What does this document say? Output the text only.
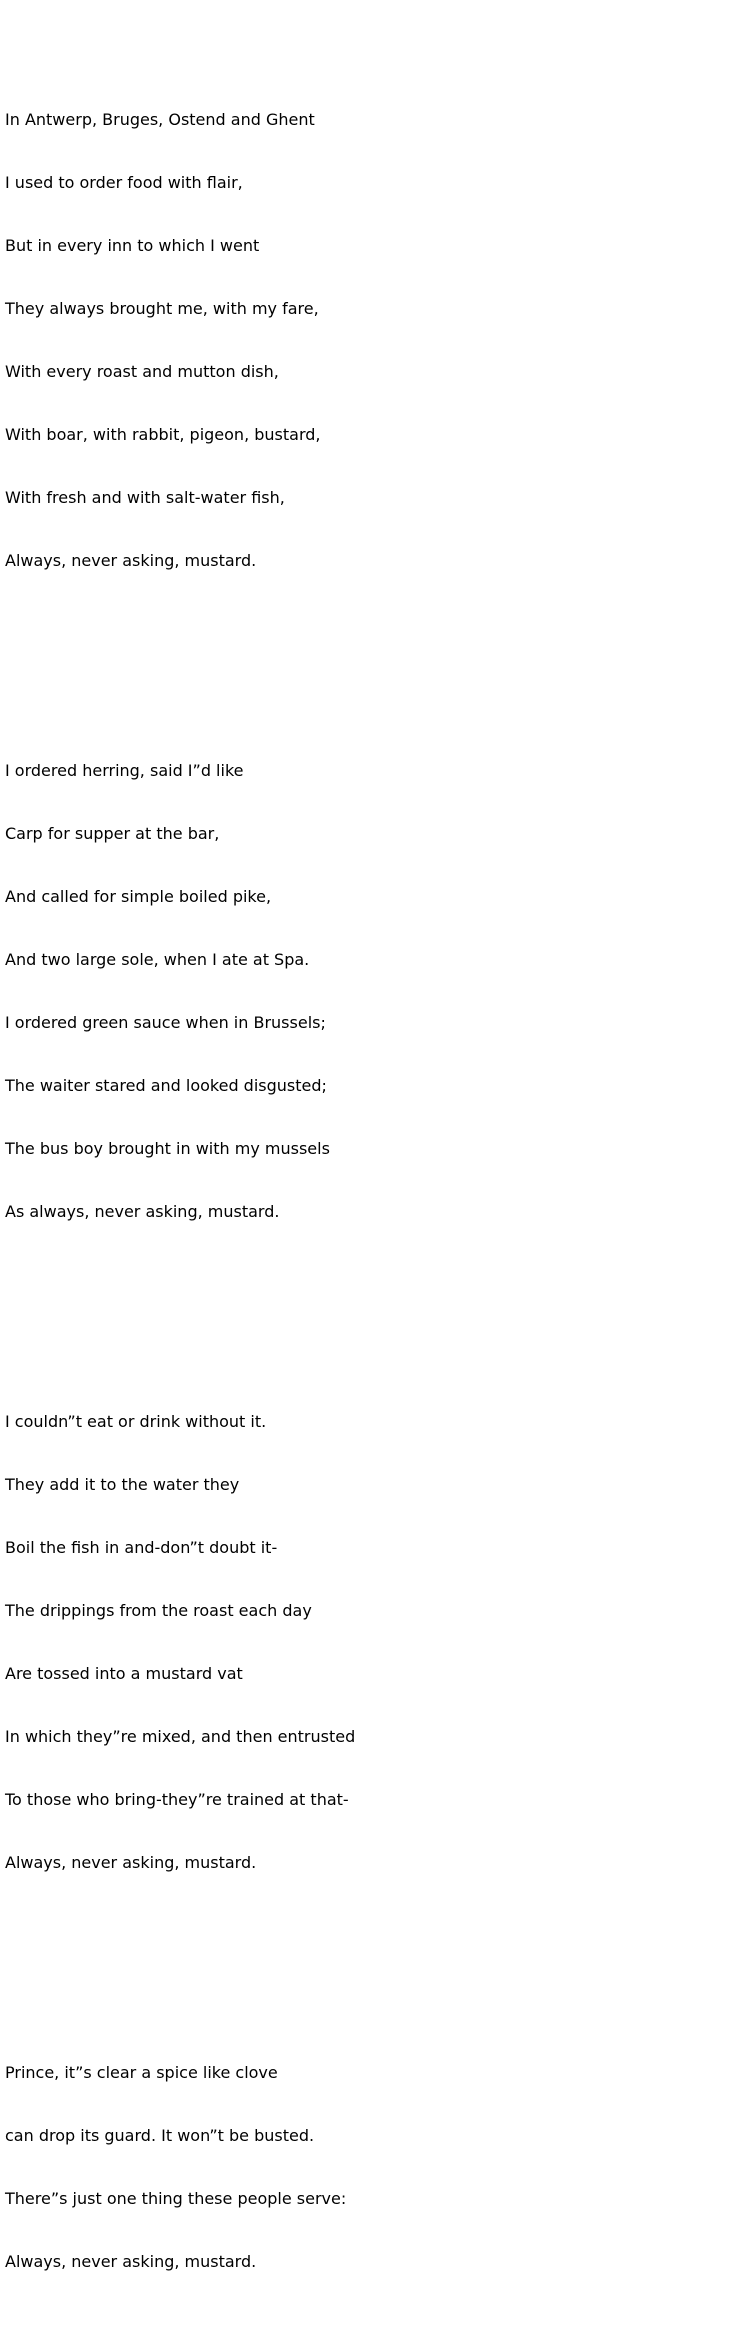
In Antwerp, Bruges, Ostend and Ghent

I used to order food with flair,

But in every inn to which I went

They always brought me, with my fare,

With every roast and mutton dish,

With boar, with rabbit, pigeon, bustard,

With fresh and with salt-water fish,

Always, never asking, mustard.

I ordered herring, said I”d like

Carp for supper at the bar,

And called for simple boiled pike,

And two large sole, when I ate at Spa.

I ordered green sauce when in Brussels;

The waiter stared and looked disgusted;

The bus boy brought in with my mussels

As always, never asking, mustard.

I couldn”t eat or drink without it.

They add it to the water they

Boil the fish in and-don”t doubt it-

The drippings from the roast each day

Are tossed into a mustard vat

In which they”re mixed, and then entrusted

To those who bring-they”re trained at that-

Always, never asking, mustard.

Prince, it”s clear a spice like clove

can drop its guard. It won”t be busted.

There”s just one thing these people serve:

Always, never asking, mustard.
